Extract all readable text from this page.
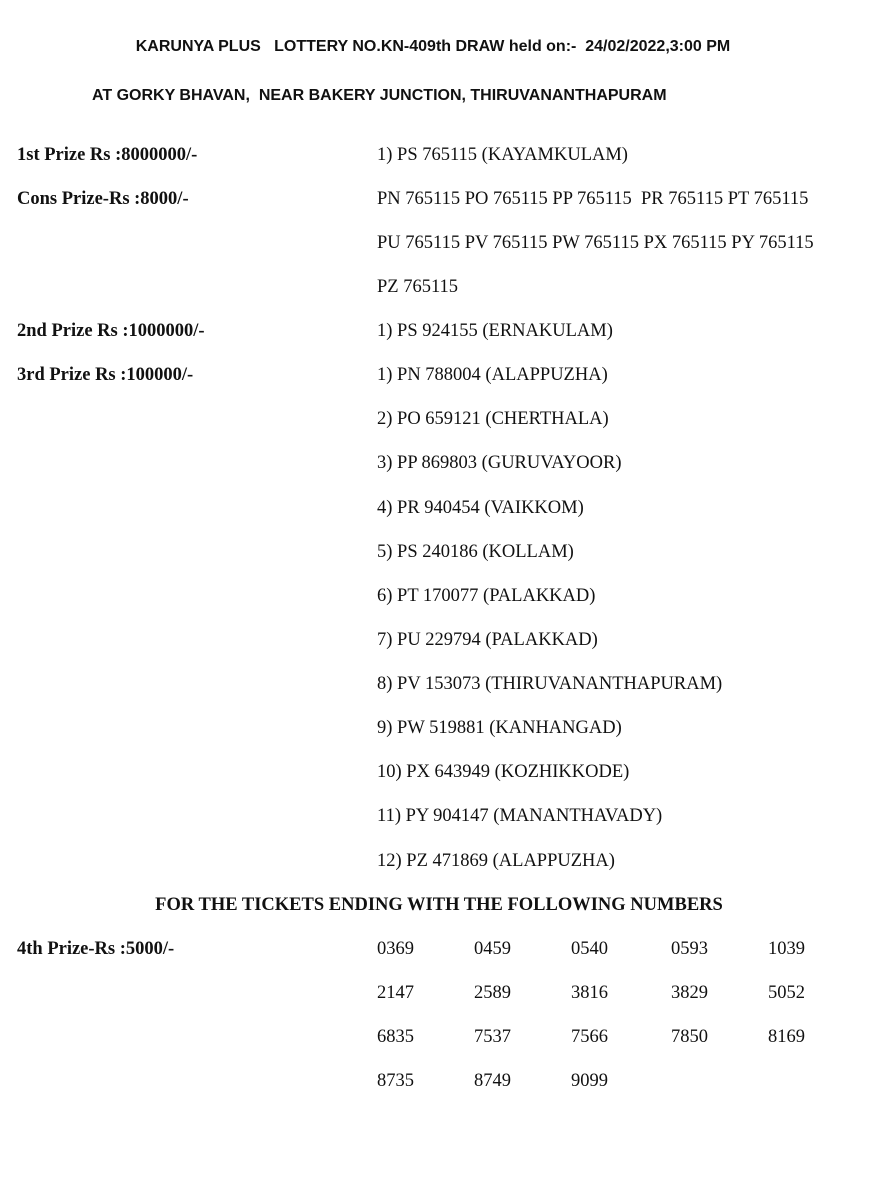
KARUNYA PLUS   LOTTERY NO.KN-409th DRAW held on:-  24/02/2022,3:00 PM
AT GORKY BHAVAN,  NEAR BAKERY JUNCTION, THIRUVANANTHAPURAM
1st Prize Rs :8000000/-	1) PS 765115 (KAYAMKULAM)
Cons Prize-Rs :8000/-	PN 765115 PO 765115 PP 765115  PR 765115 PT 765115
PU 765115 PV 765115 PW 765115 PX 765115 PY 765115
PZ 765115
2nd Prize Rs :1000000/-	1) PS 924155 (ERNAKULAM)
3rd Prize Rs :100000/-	1) PN 788004 (ALAPPUZHA)
2) PO 659121 (CHERTHALA)
3) PP 869803 (GURUVAYOOR)
4) PR 940454 (VAIKKOM)
5) PS 240186 (KOLLAM)
6) PT 170077 (PALAKKAD)
7) PU 229794 (PALAKKAD)
8) PV 153073 (THIRUVANANTHAPURAM)
9) PW 519881 (KANHANGAD)
10) PX 643949 (KOZHIKKODE)
11) PY 904147 (MANANTHAVADY)
12) PZ 471869 (ALAPPUZHA)
FOR THE TICKETS ENDING WITH THE FOLLOWING NUMBERS
4th Prize-Rs :5000/-	0369	0459	0540	0593	1039
2147	2589	3816	3829	5052
6835	7537	7566	7850	8169
8735	8749	9099
